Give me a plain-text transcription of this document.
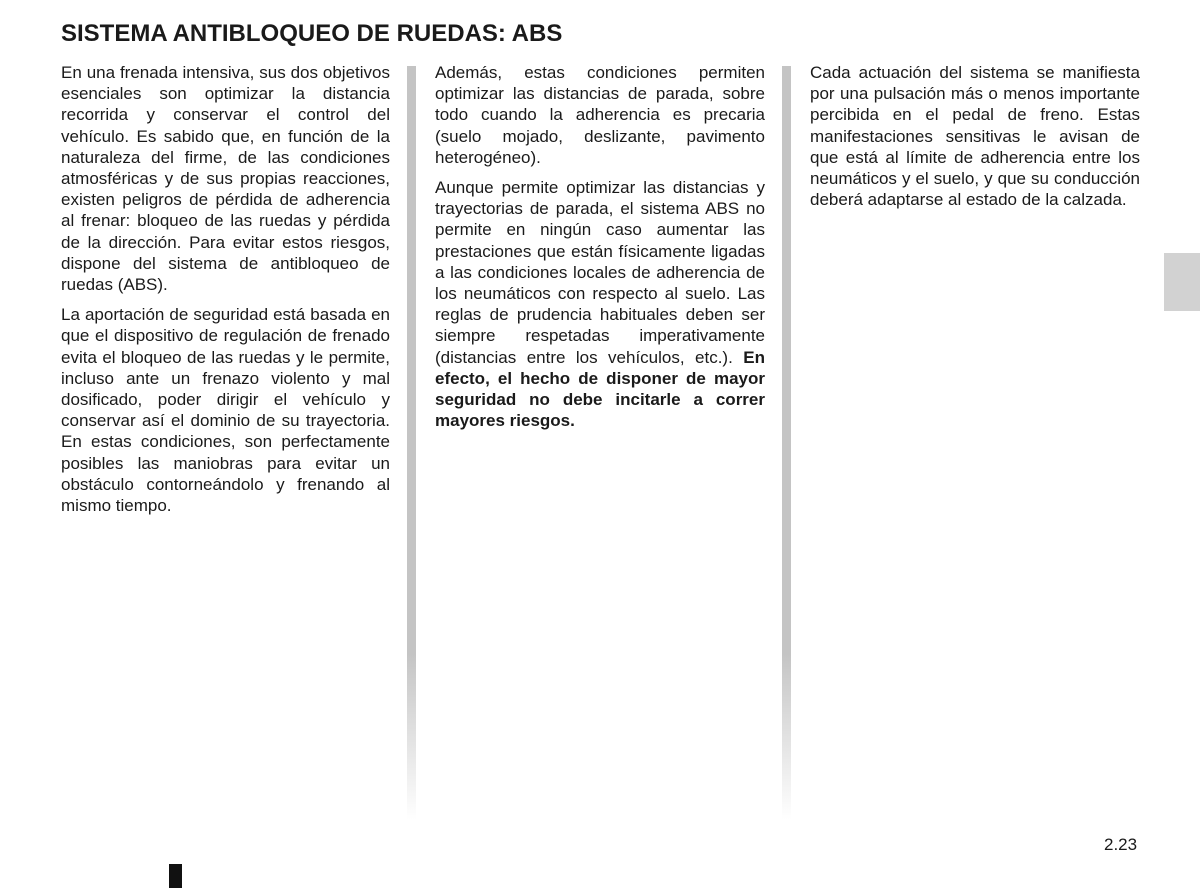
SISTEMA ANTIBLOQUEO DE RUEDAS: ABS

En una frenada intensiva, sus dos objetivos esenciales son optimizar la distancia recorrida y conservar el control del vehículo. Es sabido que, en función de la naturaleza del firme, de las condiciones atmosféricas y de sus propias reacciones, existen peligros de pérdida de adherencia al frenar: bloqueo de las ruedas y pérdida de la dirección. Para evitar estos riesgos, dispone del sistema de antibloqueo de ruedas (ABS).

La aportación de seguridad está basada en que el dispositivo de regulación de frenado evita el bloqueo de las ruedas y le permite, incluso ante un frenazo violento y mal dosificado, poder dirigir el vehículo y conservar así el dominio de su trayectoria. En estas condiciones, son perfectamente posibles las maniobras para evitar un obstáculo contorneándolo y frenando al mismo tiempo.

Además, estas condiciones permiten optimizar las distancias de parada, sobre todo cuando la adherencia es precaria (suelo mojado, deslizante, pavimento heterogéneo).

Aunque permite optimizar las distancias y trayectorias de parada, el sistema ABS no permite en ningún caso aumentar las prestaciones que están físicamente ligadas a las condiciones locales de adherencia de los neumáticos con respecto al suelo. Las reglas de prudencia habituales deben ser siempre respetadas imperativamente (distancias entre los vehículos, etc.). En efecto, el hecho de disponer de mayor seguridad no debe incitarle a correr mayores riesgos.

Cada actuación del sistema se manifiesta por una pulsación más o menos importante percibida en el pedal de freno. Estas manifestaciones sensitivas le avisan de que está al límite de adherencia entre los neumáticos y el suelo, y que su conducción deberá adaptarse al estado de la calzada.

2.23
